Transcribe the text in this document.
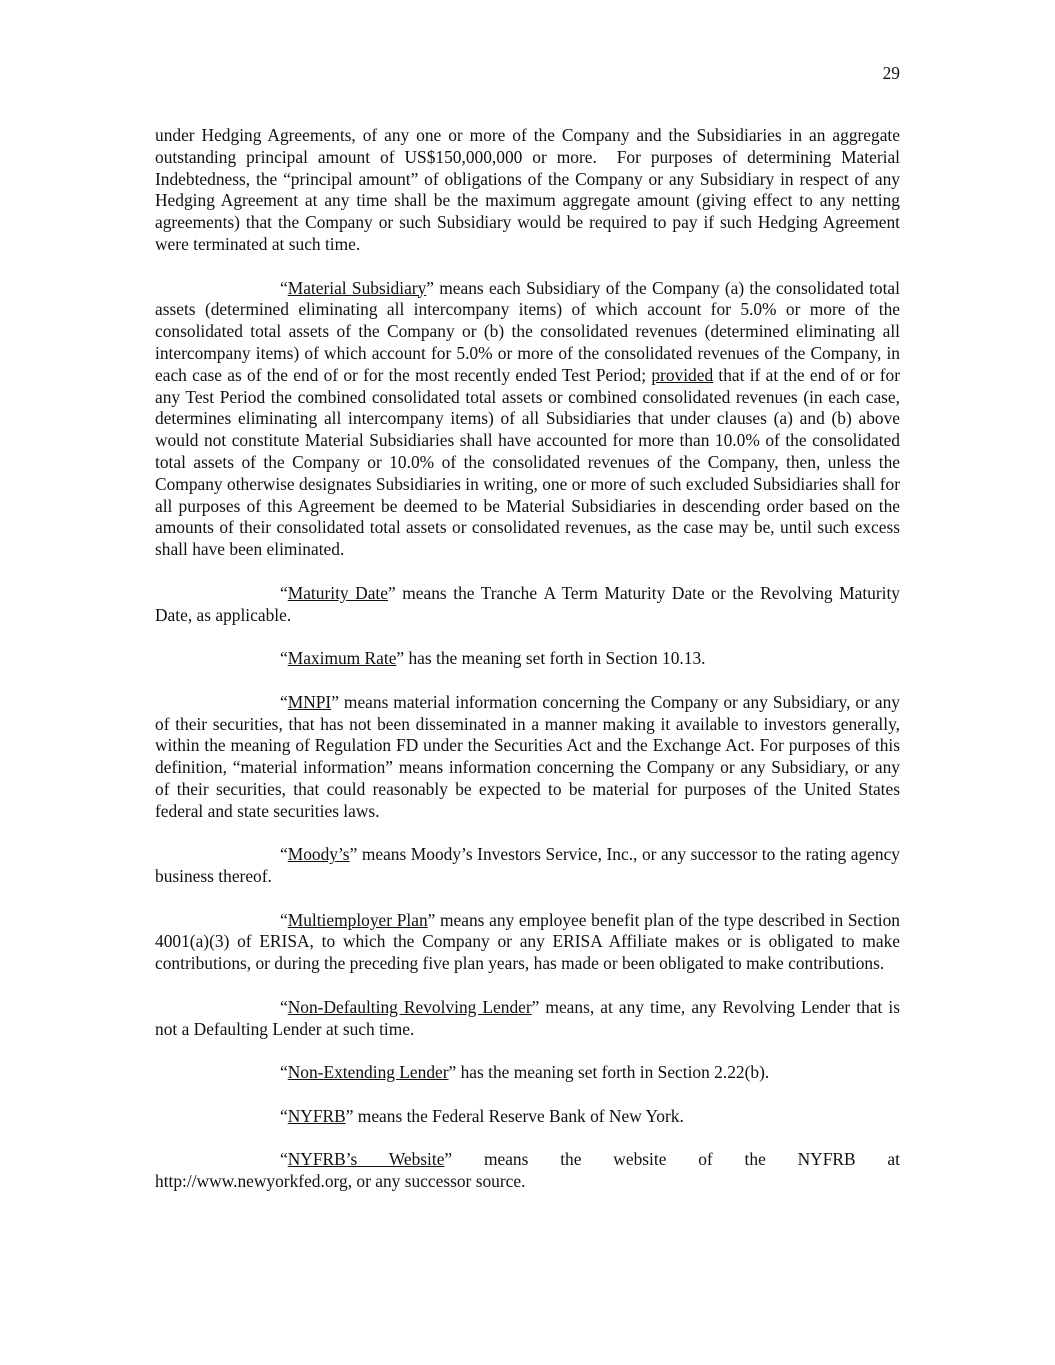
29

under Hedging Agreements, of any one or more of the Company and the Subsidiaries in an aggregate outstanding principal amount of US$150,000,000 or more.  For purposes of determining Material Indebtedness, the “principal amount” of obligations of the Company or any Subsidiary in respect of any Hedging Agreement at any time shall be the maximum aggregate amount (giving effect to any netting agreements) that the Company or such Subsidiary would be required to pay if such Hedging Agreement were terminated at such time.

“Material Subsidiary” means each Subsidiary of the Company (a) the consolidated total assets (determined eliminating all intercompany items) of which account for 5.0% or more of the consolidated total assets of the Company or (b) the consolidated revenues (determined eliminating all intercompany items) of which account for 5.0% or more of the consolidated revenues of the Company, in each case as of the end of or for the most recently ended Test Period; provided that if at the end of or for any Test Period the combined consolidated total assets or combined consolidated revenues (in each case, determines eliminating all intercompany items) of all Subsidiaries that under clauses (a) and (b) above would not constitute Material Subsidiaries shall have accounted for more than 10.0% of the consolidated total assets of the Company or 10.0% of the consolidated revenues of the Company, then, unless the Company otherwise designates Subsidiaries in writing, one or more of such excluded Subsidiaries shall for all purposes of this Agreement be deemed to be Material Subsidiaries in descending order based on the amounts of their consolidated total assets or consolidated revenues, as the case may be, until such excess shall have been eliminated.

“Maturity Date” means the Tranche A Term Maturity Date or the Revolving Maturity Date, as applicable.

“Maximum Rate” has the meaning set forth in Section 10.13.

“MNPI” means material information concerning the Company or any Subsidiary, or any of their securities, that has not been disseminated in a manner making it available to investors generally, within the meaning of Regulation FD under the Securities Act and the Exchange Act. For purposes of this definition, “material information” means information concerning the Company or any Subsidiary, or any of their securities, that could reasonably be expected to be material for purposes of the United States federal and state securities laws.

“Moody’s” means Moody’s Investors Service, Inc., or any successor to the rating agency business thereof.

“Multiemployer Plan” means any employee benefit plan of the type described in Section 4001(a)(3) of ERISA, to which the Company or any ERISA Affiliate makes or is obligated to make contributions, or during the preceding five plan years, has made or been obligated to make contributions.

“Non-Defaulting Revolving Lender” means, at any time, any Revolving Lender that is not a Defaulting Lender at such time.

“Non-Extending Lender” has the meaning set forth in Section 2.22(b).

“NYFRB” means the Federal Reserve Bank of New York.

“NYFRB’s Website” means the website of the NYFRB at

http://www.newyorkfed.org, or any successor source.
